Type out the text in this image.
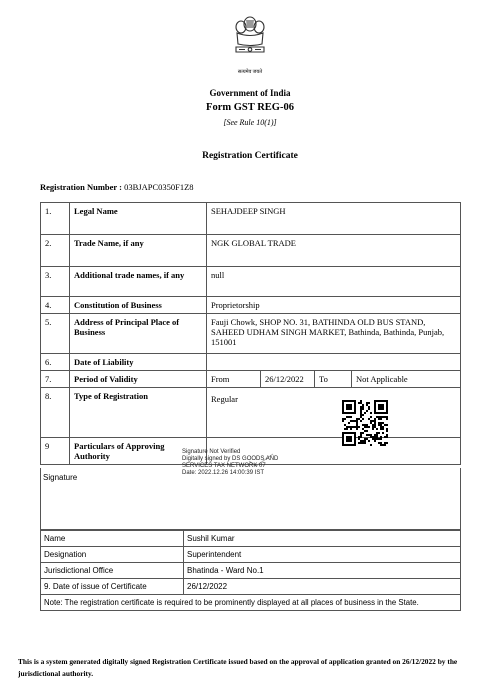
सत्यमेव जयते
Government of India
Form GST REG-06
[See Rule 10(1)]
Registration Certificate
Registration Number : 03BJAPC0350F1Z8
1.	Legal Name	SEHAJDEEP SINGH			
2.	Trade Name, if any	NGK GLOBAL TRADE			
3.	Additional trade names, if any	null			
4.	Constitution of Business	Proprietorship			
5.	Address of Principal Place of Business	Fauji Chowk, SHOP NO. 31, BATHINDA OLD BUS STAND, SAHEED UDHAM SINGH MARKET, Bathinda, Bathinda, Punjab, 151001			
6.	Date of Liability				
7.	Period of Validity	From	26/12/2022	To	Not Applicable
8.	Type of Registration	Regular			

9	Particulars of Approving Authority				
Signature
Signature Not Verified
Digitally signed by DS GOODS AND
SERVICES TAX NETWORK 07
Date: 2022.12.26 14:00:39 IST
Name	Sushil Kumar
Designation	Superintendent
Jurisdictional Office	Bhatinda - Ward No.1
9. Date of issue of Certificate	26/12/2022
Note: The registration certificate is required to be prominently displayed at all places of business in the State.	
This is a system generated digitally signed Registration Certificate issued based on the approval of application granted on 26/12/2022 by the jurisdictional authority.
